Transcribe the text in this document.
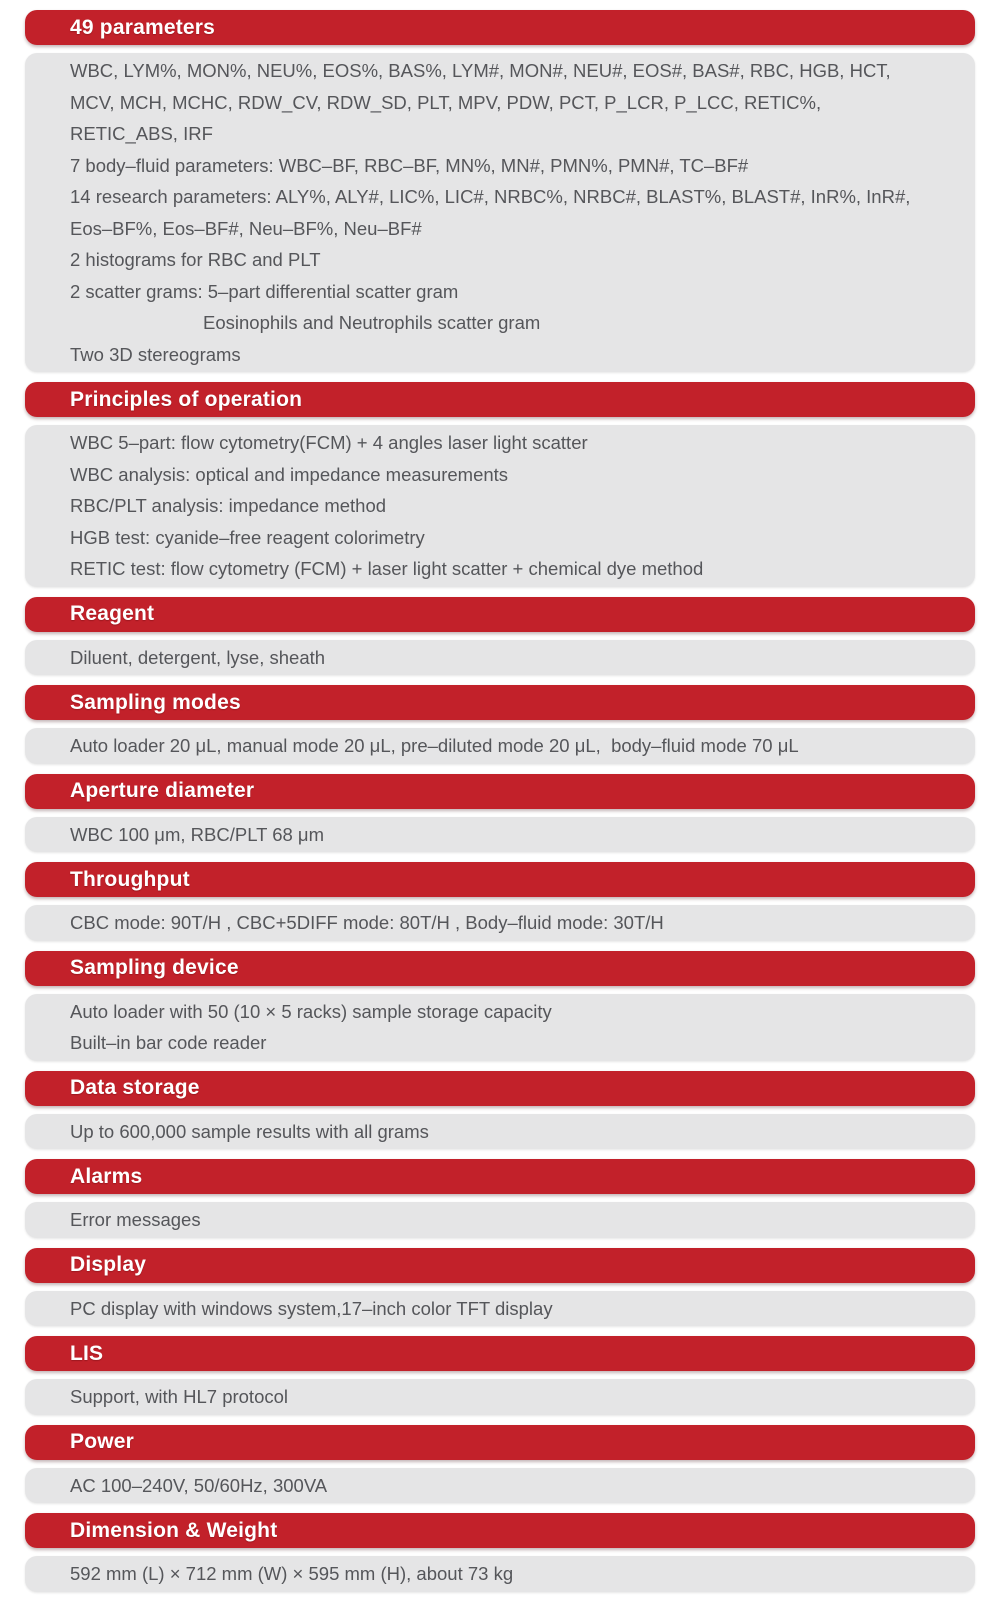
49 parameters
WBC, LYM%, MON%, NEU%, EOS%, BAS%, LYM#, MON#, NEU#, EOS#, BAS#, RBC, HGB, HCT,
MCV, MCH, MCHC, RDW_CV, RDW_SD, PLT, MPV, PDW, PCT, P_LCR, P_LCC, RETIC%,
RETIC_ABS, IRF
7 body–fluid parameters: WBC–BF, RBC–BF, MN%, MN#, PMN%, PMN#, TC–BF#
14 research parameters: ALY%, ALY#, LIC%, LIC#, NRBC%, NRBC#, BLAST%, BLAST#, InR%, InR#,
Eos–BF%, Eos–BF#, Neu–BF%, Neu–BF#
2 histograms for RBC and PLT
2 scatter grams: 5–part differential scatter gram
Eosinophils and Neutrophils scatter gram
Two 3D stereograms
Principles of operation
WBC 5–part: flow cytometry(FCM) + 4 angles laser light scatter
WBC analysis: optical and impedance measurements
RBC/PLT analysis: impedance method
HGB test: cyanide–free reagent colorimetry
RETIC test: flow cytometry (FCM) + laser light scatter + chemical dye method
Reagent
Diluent, detergent, lyse, sheath
Sampling modes
Auto loader 20 μL, manual mode 20 μL, pre–diluted mode 20 μL,  body–fluid mode 70 μL
Aperture diameter
WBC 100 μm, RBC/PLT 68 μm
Throughput
CBC mode: 90T/H , CBC+5DIFF mode: 80T/H , Body–fluid mode: 30T/H
Sampling device
Auto loader with 50 (10 × 5 racks) sample storage capacity
Built–in bar code reader
Data storage
Up to 600,000 sample results with all grams
Alarms
Error messages
Display
PC display with windows system,17–inch color TFT display
LIS
Support, with HL7 protocol
Power
AC 100–240V, 50/60Hz, 300VA
Dimension & Weight
592 mm (L) × 712 mm (W) × 595 mm (H), about 73 kg
